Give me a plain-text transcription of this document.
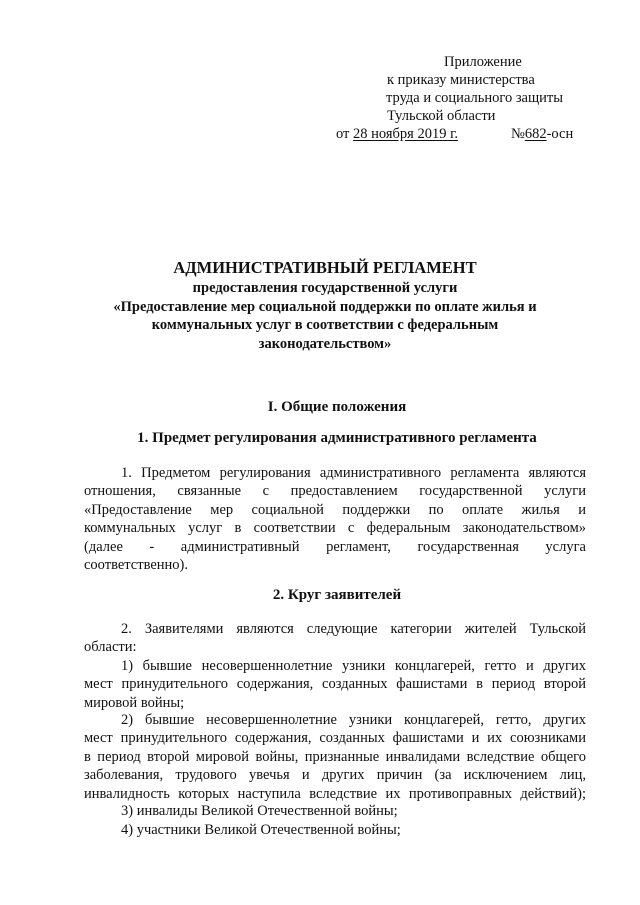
Приложение
к приказу министерства
труда и социального защиты
Тульской области
от 28 ноября 2019 г.	№682-осн
АДМИНИСТРАТИВНЫЙ РЕГЛАМЕНТ
предоставления государственной услуги
«Предоставление мер социальной поддержки по оплате жилья и
коммунальных услуг в соответствии с федеральным
законодательством»
I. Общие положения
1. Предмет регулирования административного регламента
1. Предметом регулирования административного регламента являются
отношения, связанные с предоставлением государственной услуги
«Предоставление мер социальной поддержки по оплате жилья и
коммунальных услуг в соответствии с федеральным законодательством»
(далее - административный регламент, государственная услуга
соответственно).
2. Круг заявителей
2. Заявителями являются следующие категории жителей Тульской
области:
1) бывшие несовершеннолетние узники концлагерей, гетто и других
мест принудительного содержания, созданных фашистами в период второй
мировой войны;
2) бывшие несовершеннолетние узники концлагерей, гетто, других
мест принудительного содержания, созданных фашистами и их союзниками
в период второй мировой войны, признанные инвалидами вследствие общего
заболевания, трудового увечья и других причин (за исключением лиц,
инвалидность которых наступила вследствие их противоправных действий);
3) инвалиды Великой Отечественной войны;
4) участники Великой Отечественной войны;
